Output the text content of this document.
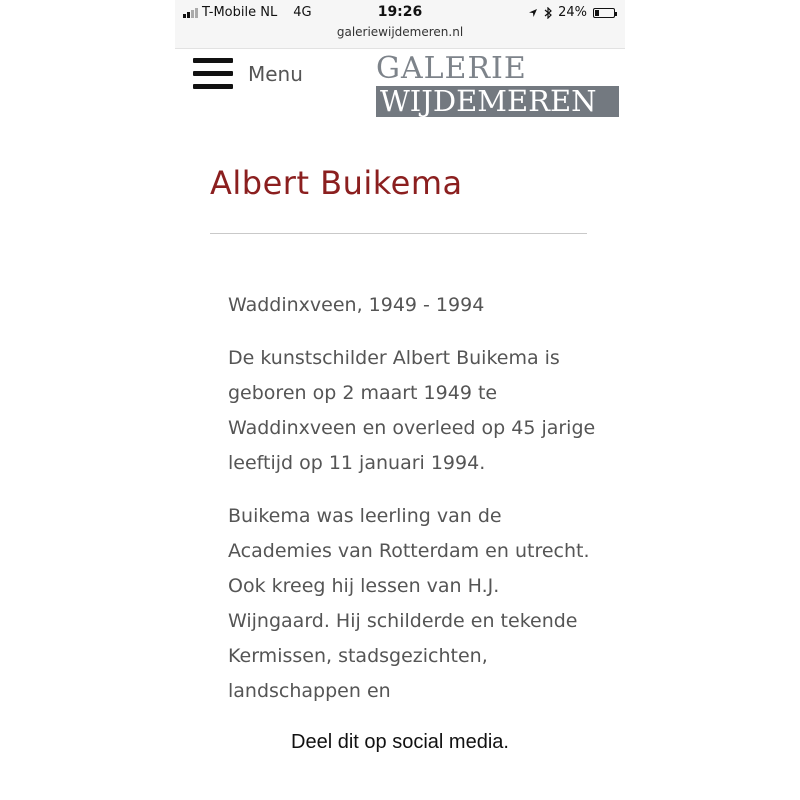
T-Mobile NL 4G	19:26	24%
galeriewijdemeren.nl
Menu GALERIE
WIJDEMEREN
Albert Buikema

Waddinxveen, 1949 - 1994

De kunstschilder Albert Buikema is geboren op 2 maart 1949 te Waddinxveen en overleed op 45 jarige leeftijd op 11 januari 1994.

Buikema was leerling van de Academies van Rotterdam en utrecht. Ook kreeg hij lessen van H.J. Wijngaard. Hij schilderde en tekende Kermissen, stadsgezichten, landschappen en

Deel dit op social media.
